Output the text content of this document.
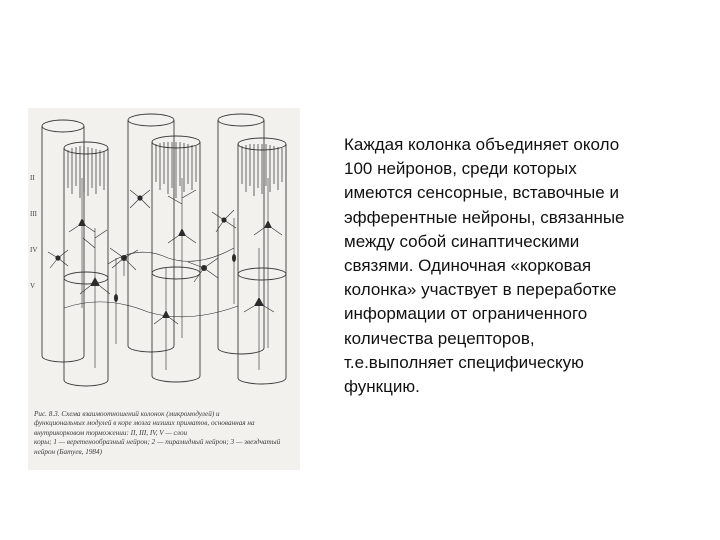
II
III
IV
V
Рис. 8.3. Схема взаимоотношений колонок (микромодулей) и
функциональных модулей в коре мозга низших приматов, основанная на внутрикорковом торможении: II, III, IV, V — слои
коры; 1 — веретенообразный нейрон; 2 — пирамидный нейрон; 3 — звездчатый нейрон (Батуев, 1984)
Каждая колонка объединяет около
100 нейронов, среди которых
имеются сенсорные, вставочные и
эфферентные нейроны, связанные
между собой синаптическими
связями. Одиночная «корковая
колонка» участвует в переработке
информации от ограниченного
количества рецепторов,
т.е.выполняет специфическую
функцию.
